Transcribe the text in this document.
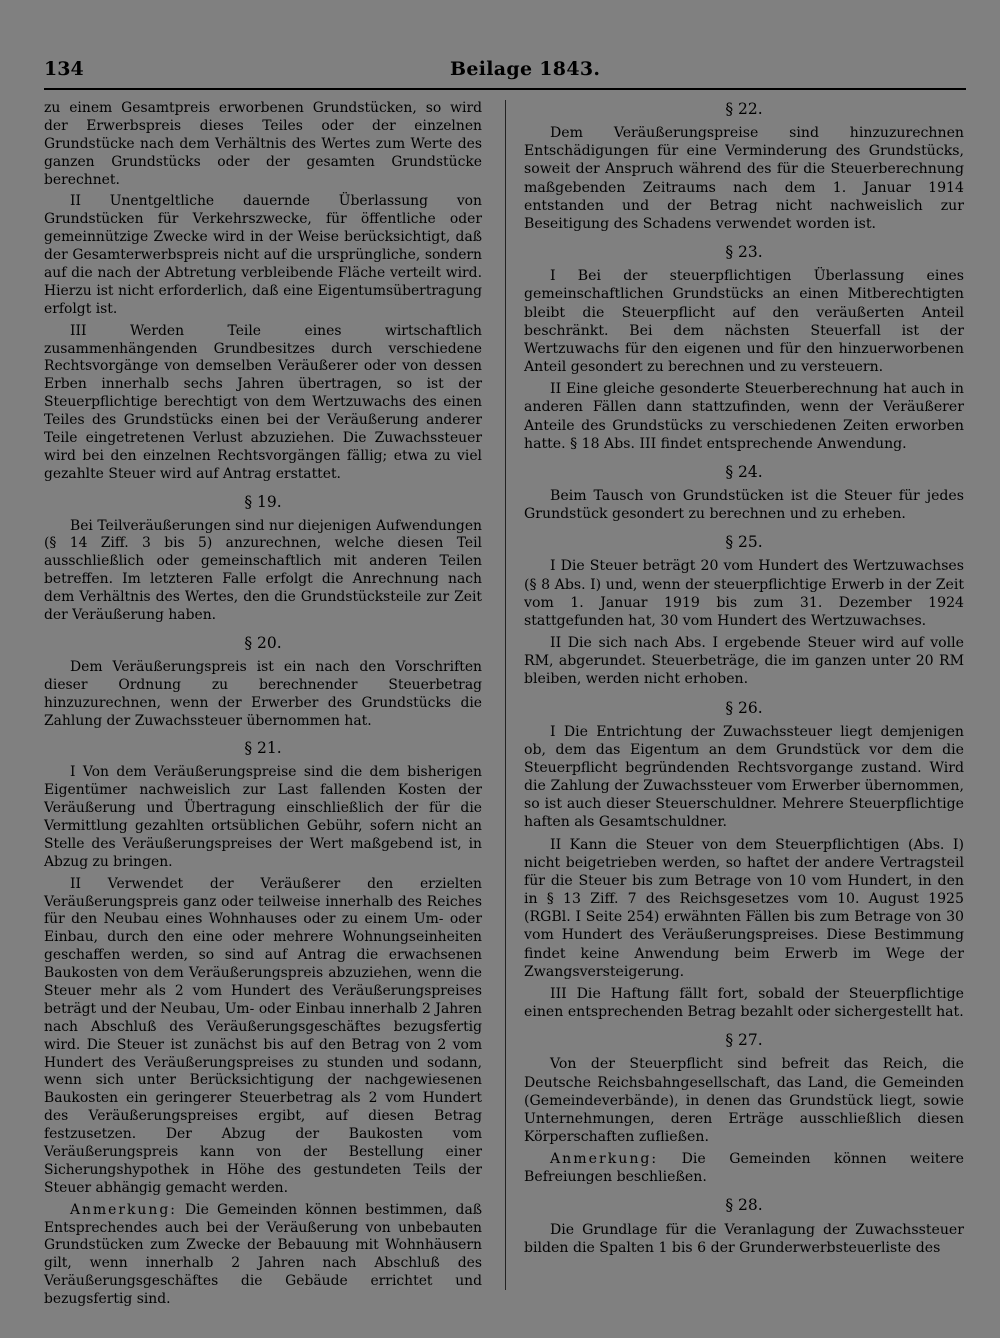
134	Beilage 1843.

zu einem Gesamtpreis erworbenen Grundstücken, so wird der Erwerbspreis dieses Teiles oder der einzelnen Grundstücke nach dem Verhältnis des Wertes zum Werte des ganzen Grundstücks oder der gesamten Grundstücke berechnet.

II Unentgeltliche dauernde Überlassung von Grundstücken für Verkehrszwecke, für öffentliche oder gemeinnützige Zwecke wird in der Weise berücksichtigt, daß der Gesamterwerbspreis nicht auf die ursprüngliche, sondern auf die nach der Abtretung verbleibende Fläche verteilt wird. Hierzu ist nicht erforderlich, daß eine Eigentumsübertragung erfolgt ist.

III Werden Teile eines wirtschaftlich zusammenhängenden Grundbesitzes durch verschiedene Rechtsvorgänge von demselben Veräußerer oder von dessen Erben innerhalb sechs Jahren übertragen, so ist der Steuerpflichtige berechtigt von dem Wertzuwachs des einen Teiles des Grundstücks einen bei der Veräußerung anderer Teile eingetretenen Verlust abzuziehen. Die Zuwachssteuer wird bei den einzelnen Rechtsvorgängen fällig; etwa zu viel gezahlte Steuer wird auf Antrag erstattet.

§ 19.

Bei Teilveräußerungen sind nur diejenigen Aufwendungen (§ 14 Ziff. 3 bis 5) anzurechnen, welche diesen Teil ausschließlich oder gemeinschaftlich mit anderen Teilen betreffen. Im letzteren Falle erfolgt die Anrechnung nach dem Verhältnis des Wertes, den die Grundstücksteile zur Zeit der Veräußerung haben.

§ 20.

Dem Veräußerungspreis ist ein nach den Vorschriften dieser Ordnung zu berechnender Steuerbetrag hinzuzurechnen, wenn der Erwerber des Grundstücks die Zahlung der Zuwachssteuer übernommen hat.

§ 21.

I Von dem Veräußerungspreise sind die dem bisherigen Eigentümer nachweislich zur Last fallenden Kosten der Veräußerung und Übertragung einschließlich der für die Vermittlung gezahlten ortsüblichen Gebühr, sofern nicht an Stelle des Veräußerungspreises der Wert maßgebend ist, in Abzug zu bringen.

II Verwendet der Veräußerer den erzielten Veräußerungspreis ganz oder teilweise innerhalb des Reiches für den Neubau eines Wohnhauses oder zu einem Um- oder Einbau, durch den eine oder mehrere Wohnungseinheiten geschaffen werden, so sind auf Antrag die erwachsenen Baukosten von dem Veräußerungspreis abzuziehen, wenn die Steuer mehr als 2 vom Hundert des Veräußerungspreises beträgt und der Neubau, Um- oder Einbau innerhalb 2 Jahren nach Abschluß des Veräußerungsgeschäftes bezugsfertig wird. Die Steuer ist zunächst bis auf den Betrag von 2 vom Hundert des Veräußerungspreises zu stunden und sodann, wenn sich unter Berücksichtigung der nachgewiesenen Baukosten ein geringerer Steuerbetrag als 2 vom Hundert des Veräußerungspreises ergibt, auf diesen Betrag festzusetzen. Der Abzug der Baukosten vom Veräußerungspreis kann von der Bestellung einer Sicherungshypothek in Höhe des gestundeten Teils der Steuer abhängig gemacht werden.

Anmerkung: Die Gemeinden können bestimmen, daß Entsprechendes auch bei der Veräußerung von unbebauten Grundstücken zum Zwecke der Bebauung mit Wohnhäusern gilt, wenn innerhalb 2 Jahren nach Abschluß des Veräußerungsgeschäftes die Gebäude errichtet und bezugsfertig sind.

§ 22.

Dem Veräußerungspreise sind hinzuzurechnen Entschädigungen für eine Verminderung des Grundstücks, soweit der Anspruch während des für die Steuerberechnung maßgebenden Zeitraums nach dem 1. Januar 1914 entstanden und der Betrag nicht nachweislich zur Beseitigung des Schadens verwendet worden ist.

§ 23.

I Bei der steuerpflichtigen Überlassung eines gemeinschaftlichen Grundstücks an einen Mitberechtigten bleibt die Steuerpflicht auf den veräußerten Anteil beschränkt. Bei dem nächsten Steuerfall ist der Wertzuwachs für den eigenen und für den hinzuerworbenen Anteil gesondert zu berechnen und zu versteuern.

II Eine gleiche gesonderte Steuerberechnung hat auch in anderen Fällen dann stattzufinden, wenn der Veräußerer Anteile des Grundstücks zu verschiedenen Zeiten erworben hatte. § 18 Abs. III findet entsprechende Anwendung.

§ 24.

Beim Tausch von Grundstücken ist die Steuer für jedes Grundstück gesondert zu berechnen und zu erheben.

§ 25.

I Die Steuer beträgt 20 vom Hundert des Wertzuwachses (§ 8 Abs. I) und, wenn der steuerpflichtige Erwerb in der Zeit vom 1. Januar 1919 bis zum 31. Dezember 1924 stattgefunden hat, 30 vom Hundert des Wertzuwachses.

II Die sich nach Abs. I ergebende Steuer wird auf volle RM, abgerundet. Steuerbeträge, die im ganzen unter 20 RM bleiben, werden nicht erhoben.

§ 26.

I Die Entrichtung der Zuwachssteuer liegt demjenigen ob, dem das Eigentum an dem Grundstück vor dem die Steuerpflicht begründenden Rechtsvorgange zustand. Wird die Zahlung der Zuwachssteuer vom Erwerber übernommen, so ist auch dieser Steuerschuldner. Mehrere Steuerpflichtige haften als Gesamtschuldner.

II Kann die Steuer von dem Steuerpflichtigen (Abs. I) nicht beigetrieben werden, so haftet der andere Vertragsteil für die Steuer bis zum Betrage von 10 vom Hundert, in den in § 13 Ziff. 7 des Reichsgesetzes vom 10. August 1925 (RGBl. I Seite 254) erwähnten Fällen bis zum Betrage von 30 vom Hundert des Veräußerungspreises. Diese Bestimmung findet keine Anwendung beim Erwerb im Wege der Zwangsversteigerung.

III Die Haftung fällt fort, sobald der Steuerpflichtige einen entsprechenden Betrag bezahlt oder sichergestellt hat.

§ 27.

Von der Steuerpflicht sind befreit das Reich, die Deutsche Reichsbahngesellschaft, das Land, die Gemeinden (Gemeindeverbände), in denen das Grundstück liegt, sowie Unternehmungen, deren Erträge ausschließlich diesen Körperschaften zufließen.

Anmerkung: Die Gemeinden können weitere Befreiungen beschließen.

§ 28.

Die Grundlage für die Veranlagung der Zuwachssteuer bilden die Spalten 1 bis 6 der Grunderwerbsteuerliste des
